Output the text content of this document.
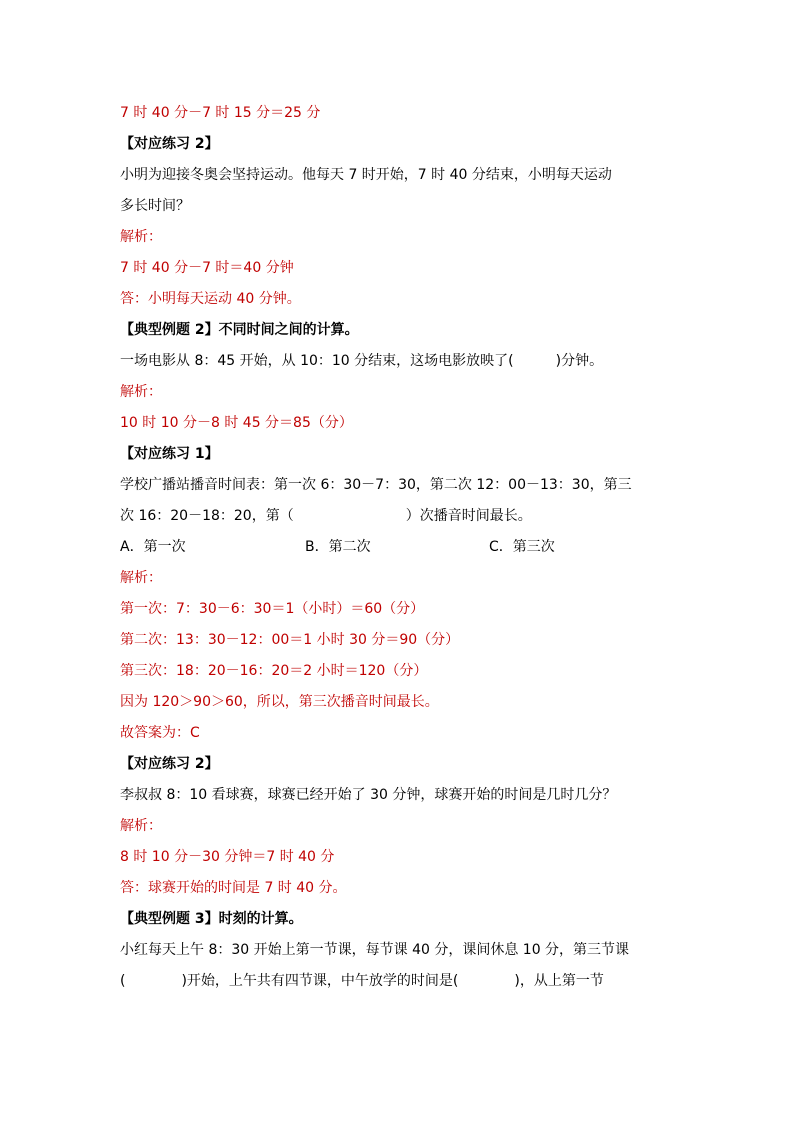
7 时 40 分－7 时 15 分＝25 分
【对应练习 2】
小明为迎接冬奥会坚持运动。他每天 7 时开始，7 时 40 分结束，小明每天运动
多长时间？
解析：
7 时 40 分－7 时＝40 分钟
答：小明每天运动 40 分钟。
【典型例题 2】不同时间之间的计算。
一场电影从 8：45 开始，从 10：10 分结束，这场电影放映了(　　　)分钟。
解析：
10 时 10 分－8 时 45 分＝85（分）
【对应练习 1】
学校广播站播音时间表：第一次 6：30－7：30，第二次 12：00－13：30，第三
次 16：20－18：20，第（　　　　　　　　）次播音时间最长。
A．第一次	B．第二次	C．第三次
解析：
第一次：7：30－6：30＝1（小时）＝60（分）
第二次：13：30－12：00＝1 小时 30 分＝90（分）
第三次：18：20－16：20＝2 小时＝120（分）
因为 120＞90＞60，所以，第三次播音时间最长。
故答案为：C
【对应练习 2】
李叔叔 8：10 看球赛，球赛已经开始了 30 分钟，球赛开始的时间是几时几分？
解析：
8 时 10 分－30 分钟＝7 时 40 分
答：球赛开始的时间是 7 时 40 分。
【典型例题 3】时刻的计算。
小红每天上午 8：30 开始上第一节课，每节课 40 分，课间休息 10 分，第三节课
(　　　　)开始，上午共有四节课，中午放学的时间是(　　　　)，从上第一节
